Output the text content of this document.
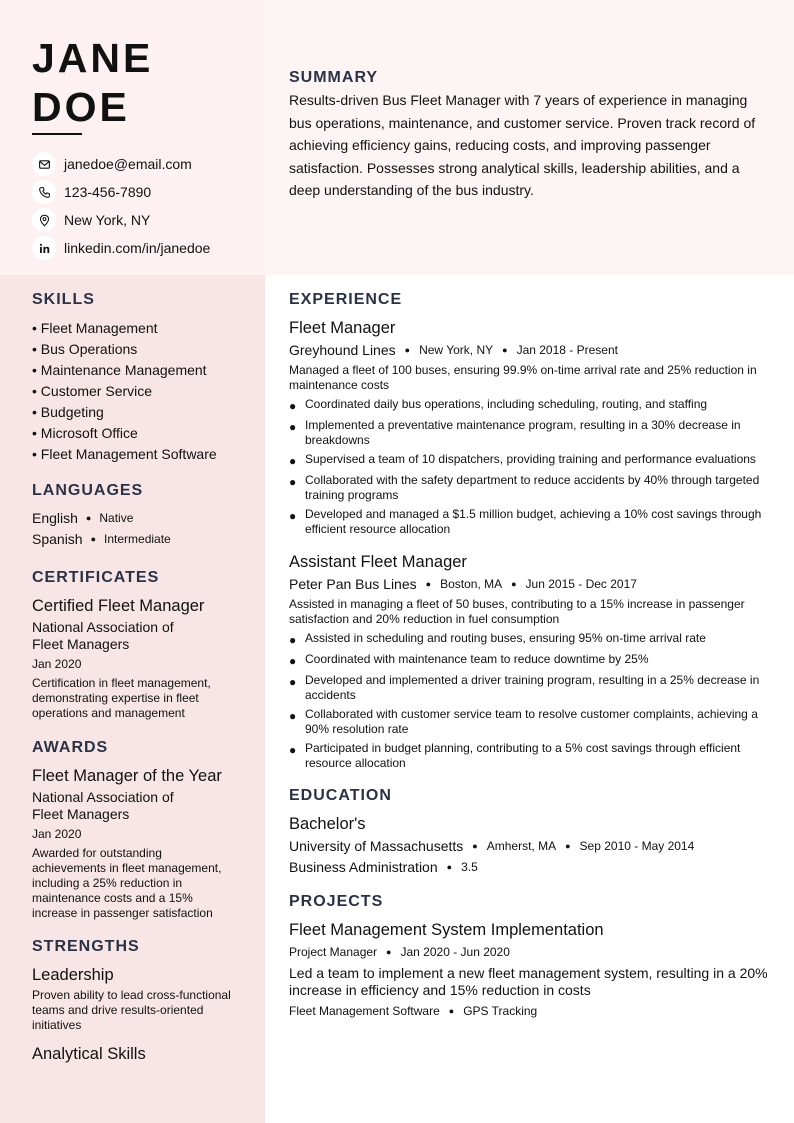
JANE
DOE
janedoe@email.com
123-456-7890
New York, NY
linkedin.com/in/janedoe
SUMMARY

Results-driven Bus Fleet Manager with 7 years of experience in managing bus operations, maintenance, and customer service. Proven track record of achieving efficiency gains, reducing costs, and improving passenger satisfaction. Possesses strong analytical skills, leadership abilities, and a deep understanding of the bus industry.

SKILLS
• Fleet Management
• Bus Operations
• Maintenance Management
• Customer Service
• Budgeting
• Microsoft Office
• Fleet Management Software
LANGUAGES
English ● Native
Spanish ● Intermediate
CERTIFICATES
Certified Fleet Manager
National Association of Fleet Managers
Jan 2020
Certification in fleet management, demonstrating expertise in fleet operations and management
AWARDS
Fleet Manager of the Year
National Association of Fleet Managers
Jan 2020
Awarded for outstanding achievements in fleet management, including a 25% reduction in maintenance costs and a 15% increase in passenger satisfaction
STRENGTHS
Leadership
Proven ability to lead cross-functional teams and drive results-oriented initiatives
Analytical Skills
EXPERIENCE
Fleet Manager
Greyhound Lines ● New York, NY ● Jan 2018 - Present
Managed a fleet of 100 buses, ensuring 99.9% on-time arrival rate and 25% reduction in maintenance costs
● Coordinated daily bus operations, including scheduling, routing, and staffing
● Implemented a preventative maintenance program, resulting in a 30% decrease in breakdowns
● Supervised a team of 10 dispatchers, providing training and performance evaluations
● Collaborated with the safety department to reduce accidents by 40% through targeted training programs
● Developed and managed a $1.5 million budget, achieving a 10% cost savings through efficient resource allocation
Assistant Fleet Manager
Peter Pan Bus Lines ● Boston, MA ● Jun 2015 - Dec 2017
Assisted in managing a fleet of 50 buses, contributing to a 15% increase in passenger satisfaction and 20% reduction in fuel consumption
● Assisted in scheduling and routing buses, ensuring 95% on-time arrival rate
● Coordinated with maintenance team to reduce downtime by 25%
● Developed and implemented a driver training program, resulting in a 25% decrease in accidents
● Collaborated with customer service team to resolve customer complaints, achieving a 90% resolution rate
● Participated in budget planning, contributing to a 5% cost savings through efficient resource allocation
EDUCATION
Bachelor's
University of Massachusetts ● Amherst, MA ● Sep 2010 - May 2014
Business Administration ● 3.5
PROJECTS
Fleet Management System Implementation
Project Manager ● Jan 2020 - Jun 2020
Led a team to implement a new fleet management system, resulting in a 20% increase in efficiency and 15% reduction in costs
Fleet Management Software ● GPS Tracking
